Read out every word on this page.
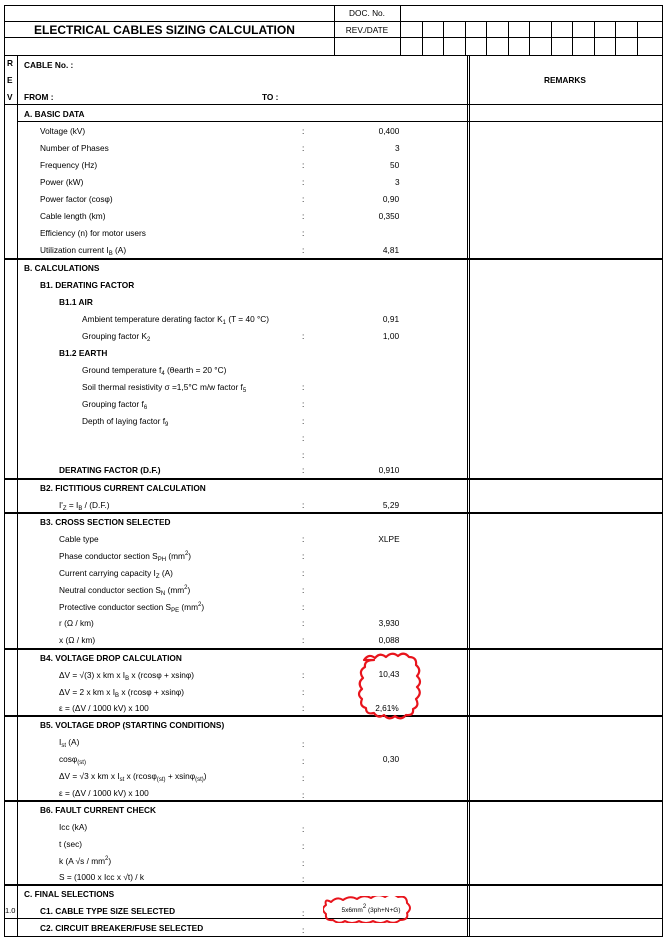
ELECTRICAL CABLES SIZING CALCULATION
DOC. No.
REV./DATE
R
E
V
CABLE No. :
FROM :	TO :
REMARKS
A. BASIC DATA
Voltage (kV)	:	0,400
Number of Phases	:	3
Frequency (Hz)	:	50
Power (kW)	:	3
Power factor (cosφ)	:	0,90
Cable length (km)	:	0,350
Efficiency (n) for motor users	:
Utilization current $I_B$ (A)	:	4,81
B. CALCULATIONS
B1. DERATING FACTOR
B1.1 AIR
Ambient temperature derating factor $K_1$ (T = 40 °C)	0,91
Grouping factor $K_2$	:	1,00
B1.2 EARTH
Ground temperature $f_4$ (θearth = 20 °C)
Soil thermal resistivity σ =1,5°C m/w factor $f_5$	:
Grouping factor $f_6$	:
Depth of laying factor $f_9$	:
:
:
DERATING FACTOR (D.F.)	:	0,910
B2. FICTITIOUS CURRENT CALCULATION
$I'_Z = I_B / (D.F.)$	:	5,29
B3. CROSS SECTION SELECTED
Cable type	:	XLPE
Phase conductor section $S_{PH}$ $(mm^2)$	:
Current carrying capacity $I_Z$ (A)	:
Neutral conductor section $S_N$ $(mm^2)$	:
Protective conductor section $S_{PE}$ $(mm^2)$	:
r (Ω / km)	:	3,930
x (Ω / km)	:	0,088
B4. VOLTAGE DROP CALCULATION
ΔV = √(3) x km x $I_B$ x (rcosφ + xsinφ)	:	10,43
ΔV = 2 x km x $I_B$ x (rcosφ + xsinφ)	:
ε = (ΔV / 1000 kV) x 100	:	2,61%
B5. VOLTAGE DROP (STARTING CONDITIONS)
$I_{st}$ (A)	:
cosφ$_{(st)}$	:	0,30
ΔV = √3 x km x $I_{st}$ x (rcosφ$_{(st)}$ + xsinφ$_{(st)}$)	:
ε = (ΔV / 1000 kV) x 100	:
B6. FAULT CURRENT CHECK
Icc (kA)	:
t (sec)	:
k (A $√s / mm^2$)	:
S = (1000 x Icc x √t) / k	:
C. FINAL SELECTIONS
1.0	C1. CABLE TYPE SIZE SELECTED	:	$5x6mm^2$ (3ph+N+G)
C2. CIRCUIT BREAKER/FUSE SELECTED	:
